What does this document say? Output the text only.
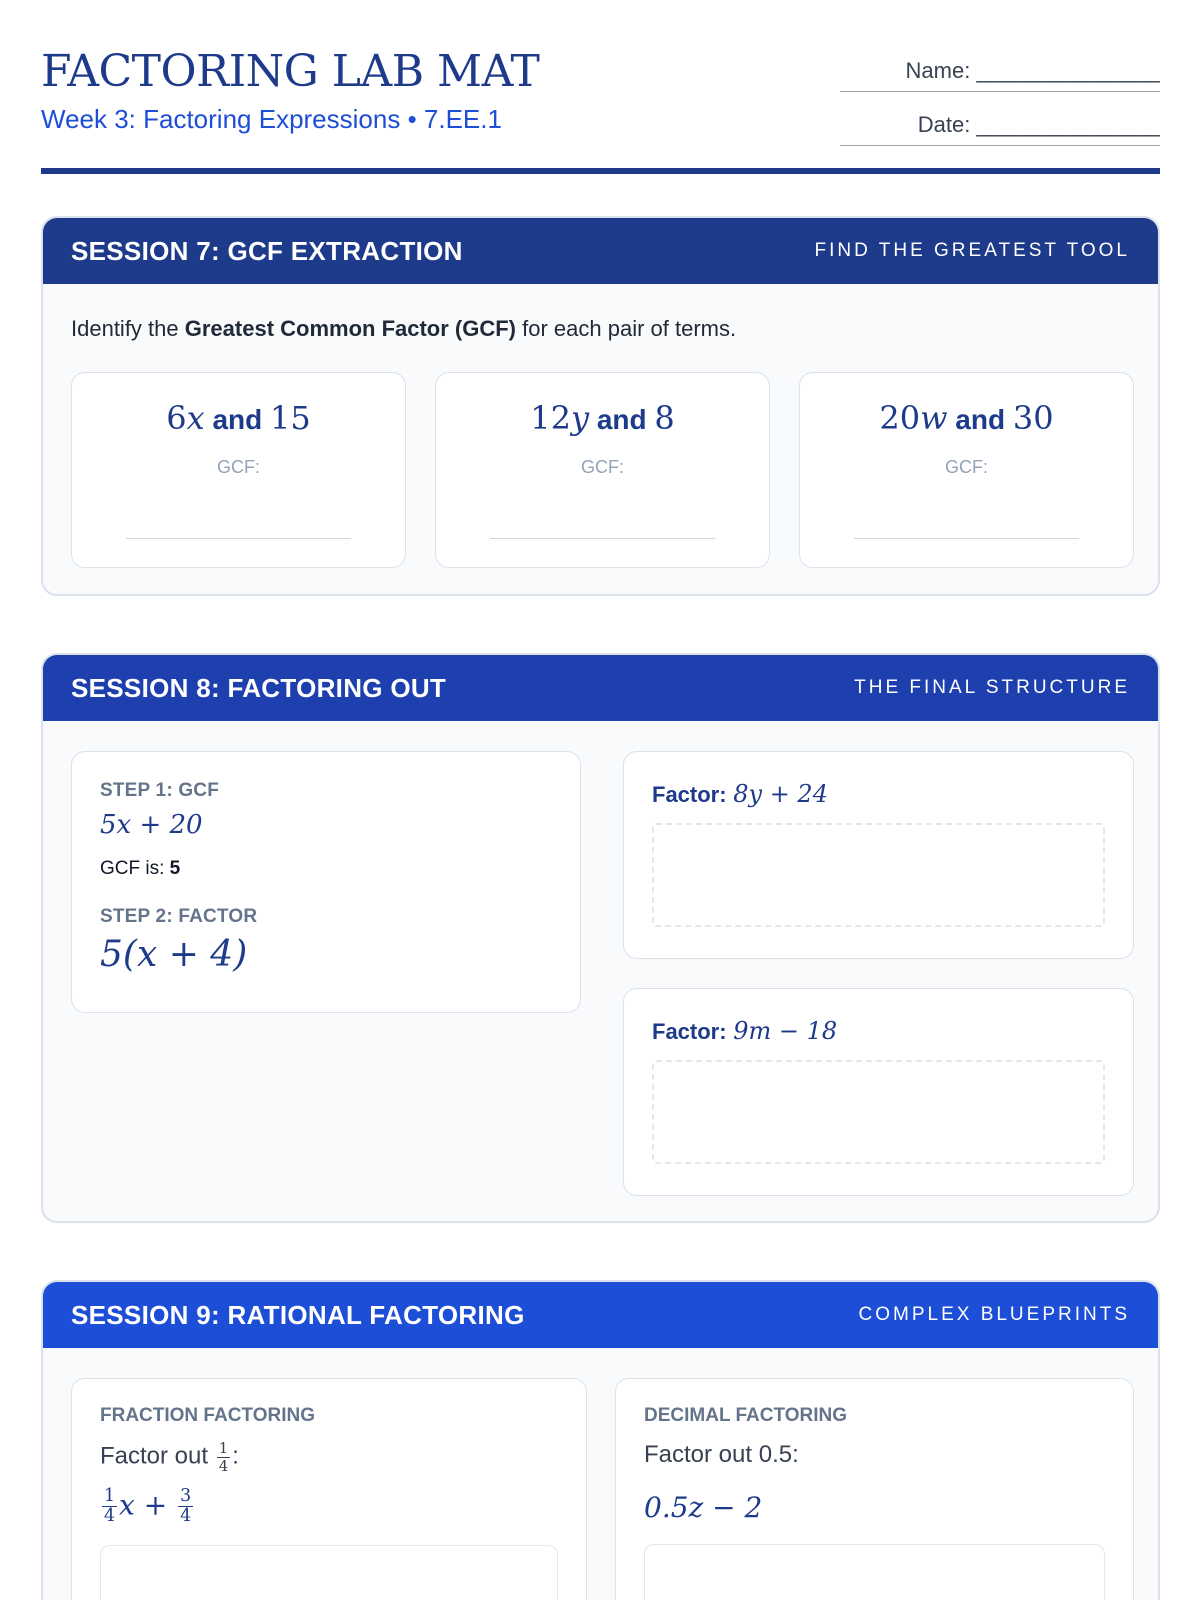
FACTORING LAB MAT
Week 3: Factoring Expressions • 7.EE.1
Name: _______________
Date: _______________
SESSION 7: GCF EXTRACTION	FIND THE GREATEST TOOL
Identify the Greatest Common Factor (GCF) for each pair of terms.
6x and 15
GCF:
12y and 8
GCF:
20w and 30
GCF:
SESSION 8: FACTORING OUT	THE FINAL STRUCTURE
STEP 1: GCF
5x + 20
GCF is: 5
STEP 2: FACTOR
5(x + 4)
Factor: 8y + 24
Factor: 9m − 18
SESSION 9: RATIONAL FACTORING	COMPLEX BLUEPRINTS
FRACTION FACTORING
Factor out $\frac{1}{4}$ :
$\frac{1}{4}$ $x + \frac{3}{4}$
DECIMAL FACTORING
Factor out 0.5:
0.5z − 2
